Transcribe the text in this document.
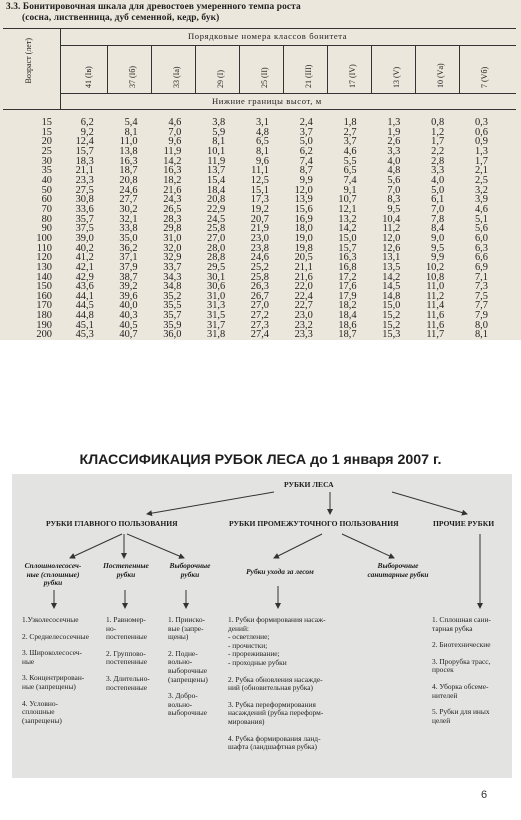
3.3. Бонитировочная шкала для древостоев умеренного темпа роста
(сосна, лиственница, дуб семенной, кедр, бук)
Порядковые номера классов бонитета
Нижние границы высот, м
Возраст (лет)	41 (Iв)	37 (Iб)	33 (Iа)	29 (I)	25 (II)	21 (III)	17 (IV)	13 (V)	10 (Vа)	7 (Vб)
15	6,2	5,4	4,6	3,8	3,1	2,4	1,8	1,3	0,8	0,3
15	9,2	8,1	7,0	5,9	4,8	3,7	2,7	1,9	1,2	0,6
20	12,4	11,0	9,6	8,1	6,5	5,0	3,7	2,6	1,7	0,9
25	15,7	13,8	11,9	10,1	8,1	6,2	4,6	3,3	2,2	1,3
30	18,3	16,3	14,2	11,9	9,6	7,4	5,5	4,0	2,8	1,7
35	21,1	18,7	16,3	13,7	11,1	8,7	6,5	4,8	3,3	2,1
40	23,3	20,8	18,2	15,4	12,5	9,9	7,4	5,6	4,0	2,5
50	27,5	24,6	21,6	18,4	15,1	12,0	9,1	7,0	5,0	3,2
60	30,8	27,7	24,3	20,8	17,3	13,9	10,7	8,3	6,1	3,9
70	33,6	30,2	26,5	22,9	19,2	15,6	12,1	9,5	7,0	4,6
80	35,7	32,1	28,3	24,5	20,7	16,9	13,2	10,4	7,8	5,1
90	37,5	33,8	29,8	25,8	21,9	18,0	14,2	11,2	8,4	5,6
100	39,0	35,0	31,0	27,0	23,0	19,0	15,0	12,0	9,0	6,0
110	40,2	36,2	32,0	28,0	23,8	19,8	15,7	12,6	9,5	6,3
120	41,2	37,1	32,9	28,8	24,6	20,5	16,3	13,1	9,9	6,6
130	42,1	37,9	33,7	29,5	25,2	21,1	16,8	13,5	10,2	6,9
140	42,9	38,7	34,3	30,1	25,8	21,6	17,2	14,2	10,8	7,1
150	43,6	39,2	34,8	30,6	26,3	22,0	17,6	14,5	11,0	7,3
160	44,1	39,6	35,2	31,0	26,7	22,4	17,9	14,8	11,2	7,5
170	44,5	40,0	35,5	31,3	27,0	22,7	18,2	15,0	11,4	7,7
180	44,8	40,3	35,7	31,5	27,2	23,0	18,4	15,2	11,6	7,9
190	45,1	40,5	35,9	31,7	27,3	23,2	18,6	15,2	11,6	8,0
200	45,3	40,7	36,0	31,8	27,4	23,3	18,7	15,3	11,7	8,1
КЛАССИФИКАЦИЯ РУБОК ЛЕСА до 1 января 2007 г.
РУБКИ ЛЕСА
РУБКИ ГЛАВНОГО ПОЛЬЗОВАНИЯ	РУБКИ ПРОМЕЖУТОЧНОГО ПОЛЬЗОВАНИЯ	ПРОЧИЕ РУБКИ
Сплошнолесосеч-
ные (сплошные)
рубки
Постепенные
рубки
Выборочные
рубки	Рубки ухода за лесом
Выборочные
санитарные рубки
1.Узколесосечные
2. Среднелесосечные
3. Широколесосеч-
ные
3. Концентрирован-
ные (запрещены)
4. Условно-
сплошные
(запрещены)
1. Равномер-
но-
постепенные
2. Группово-
постепенные
3. Длительно-
постепенные
1. Прииско-
вые (запре-
щены)
2. Подне-
вольно-
выборочные
(запрещены)
3. Добро-
вольно-
выборочные
1. Рубки формирования насаж-
дений:
- осветление;
- прочистки;
- прореживание;
- проходные рубки
2. Рубка обновления насажде-
ний (обновительная рубка)
3. Рубка переформирования
насаждений (рубка переформ-
мирования)
4. Рубка формирования ланд-
шафта (ландшафтная рубка)
1. Сплошная сани-
тарная рубка
2. Биотехнические
3. Прорубка трасс,
просек
4. Уборка обсеме-
нителей
5. Рубки для иных
целей
6
